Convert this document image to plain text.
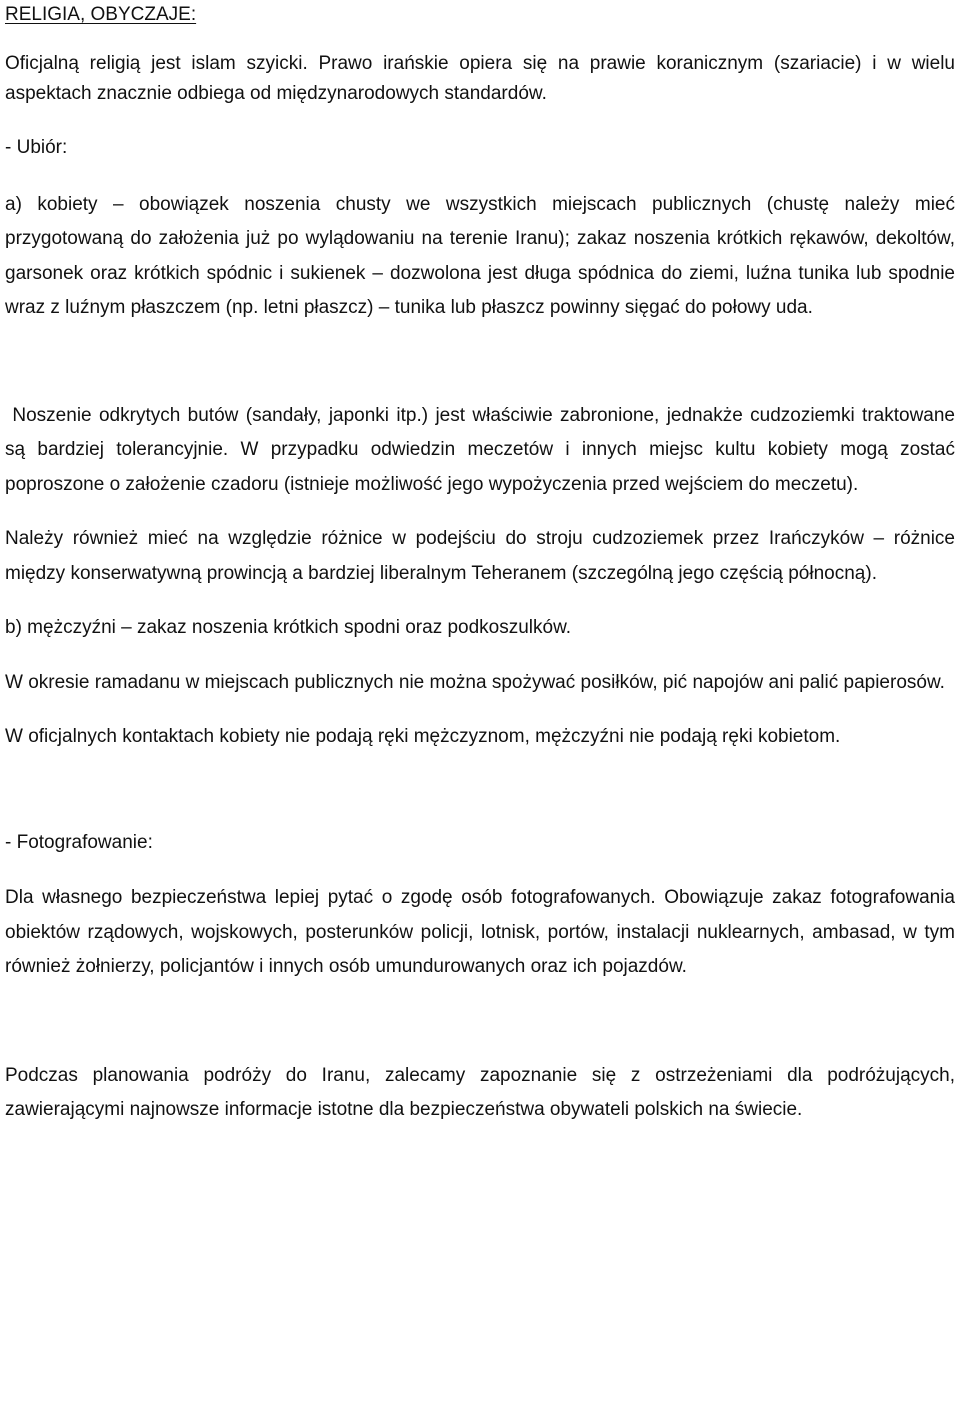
RELIGIA, OBYCZAJE:

Oficjalną religią jest islam szyicki. Prawo irańskie opiera się na prawie koranicznym (szariacie) i w wielu aspektach znacznie odbiega od międzynarodowych standardów.

- Ubiór:

a) kobiety – obowiązek noszenia chusty we wszystkich miejscach publicznych (chustę należy mieć przygotowaną do założenia już po wylądowaniu na terenie Iranu); zakaz noszenia krótkich rękawów, dekoltów, garsonek oraz krótkich spódnic i sukienek – dozwolona jest długa spódnica do ziemi, luźna tunika lub spodnie wraz z luźnym płaszczem (np. letni płaszcz) – tunika lub płaszcz powinny sięgać do połowy uda.

Noszenie odkrytych butów (sandały, japonki itp.) jest właściwie zabronione, jednakże cudzoziemki traktowane są bardziej tolerancyjnie. W przypadku odwiedzin meczetów i innych miejsc kultu kobiety mogą zostać poproszone o założenie czadoru (istnieje możliwość jego wypożyczenia przed wejściem do meczetu).

Należy również mieć na względzie różnice w podejściu do stroju cudzoziemek przez Irańczyków – różnice między konserwatywną prowincją a bardziej liberalnym Teheranem (szczególną jego częścią północną).

b) mężczyźni – zakaz noszenia krótkich spodni oraz podkoszulków.

W okresie ramadanu w miejscach publicznych nie można spożywać posiłków, pić napojów ani palić papierosów.

W oficjalnych kontaktach kobiety nie podają ręki mężczyznom, mężczyźni nie podają ręki kobietom.

- Fotografowanie:

Dla własnego bezpieczeństwa lepiej pytać o zgodę osób fotografowanych. Obowiązuje zakaz fotografowania obiektów rządowych, wojskowych, posterunków policji, lotnisk, portów, instalacji nuklearnych, ambasad, w tym również żołnierzy, policjantów i innych osób umundurowanych oraz ich pojazdów.

Podczas planowania podróży do Iranu, zalecamy zapoznanie się z ostrzeżeniami dla podróżujących, zawierającymi najnowsze informacje istotne dla bezpieczeństwa obywateli polskich na świecie.
